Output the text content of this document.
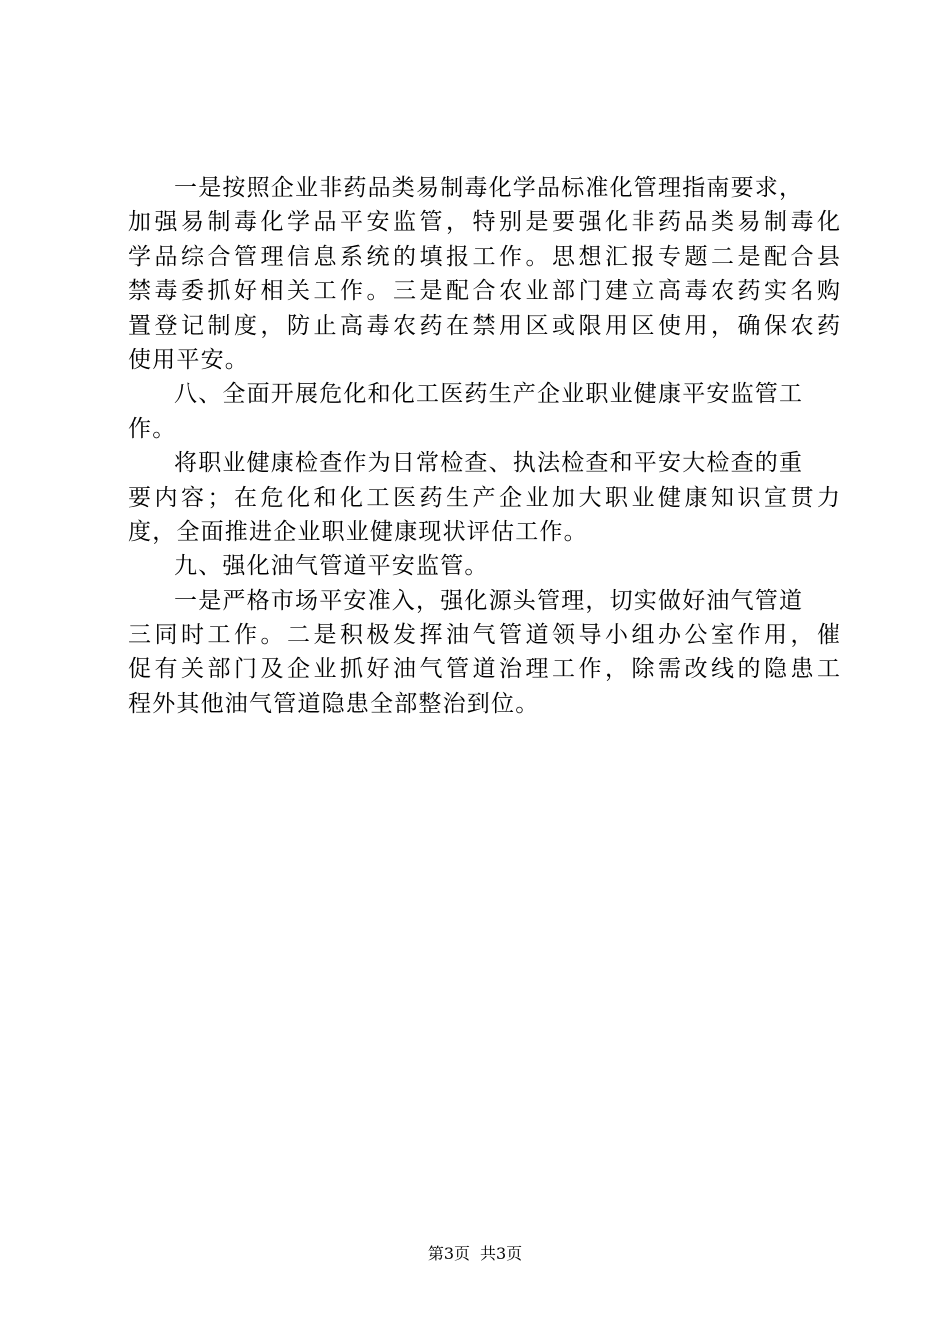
一是按照企业非药品类易制毒化学品标准化管理指南要求，
加强易制毒化学品平安监管，特别是要强化非药品类易制毒化
学品综合管理信息系统的填报工作。思想汇报专题二是配合县
禁毒委抓好相关工作。三是配合农业部门建立高毒农药实名购
置登记制度，防止高毒农药在禁用区或限用区使用，确保农药
使用平安。
八、全面开展危化和化工医药生产企业职业健康平安监管工
作。
将职业健康检查作为日常检查、执法检查和平安大检查的重
要内容；在危化和化工医药生产企业加大职业健康知识宣贯力
度，全面推进企业职业健康现状评估工作。
九、强化油气管道平安监管。
一是严格市场平安准入，强化源头管理，切实做好油气管道
三同时工作。二是积极发挥油气管道领导小组办公室作用，催
促有关部门及企业抓好油气管道治理工作，除需改线的隐患工
程外其他油气管道隐患全部整治到位。
第3页 共3页
